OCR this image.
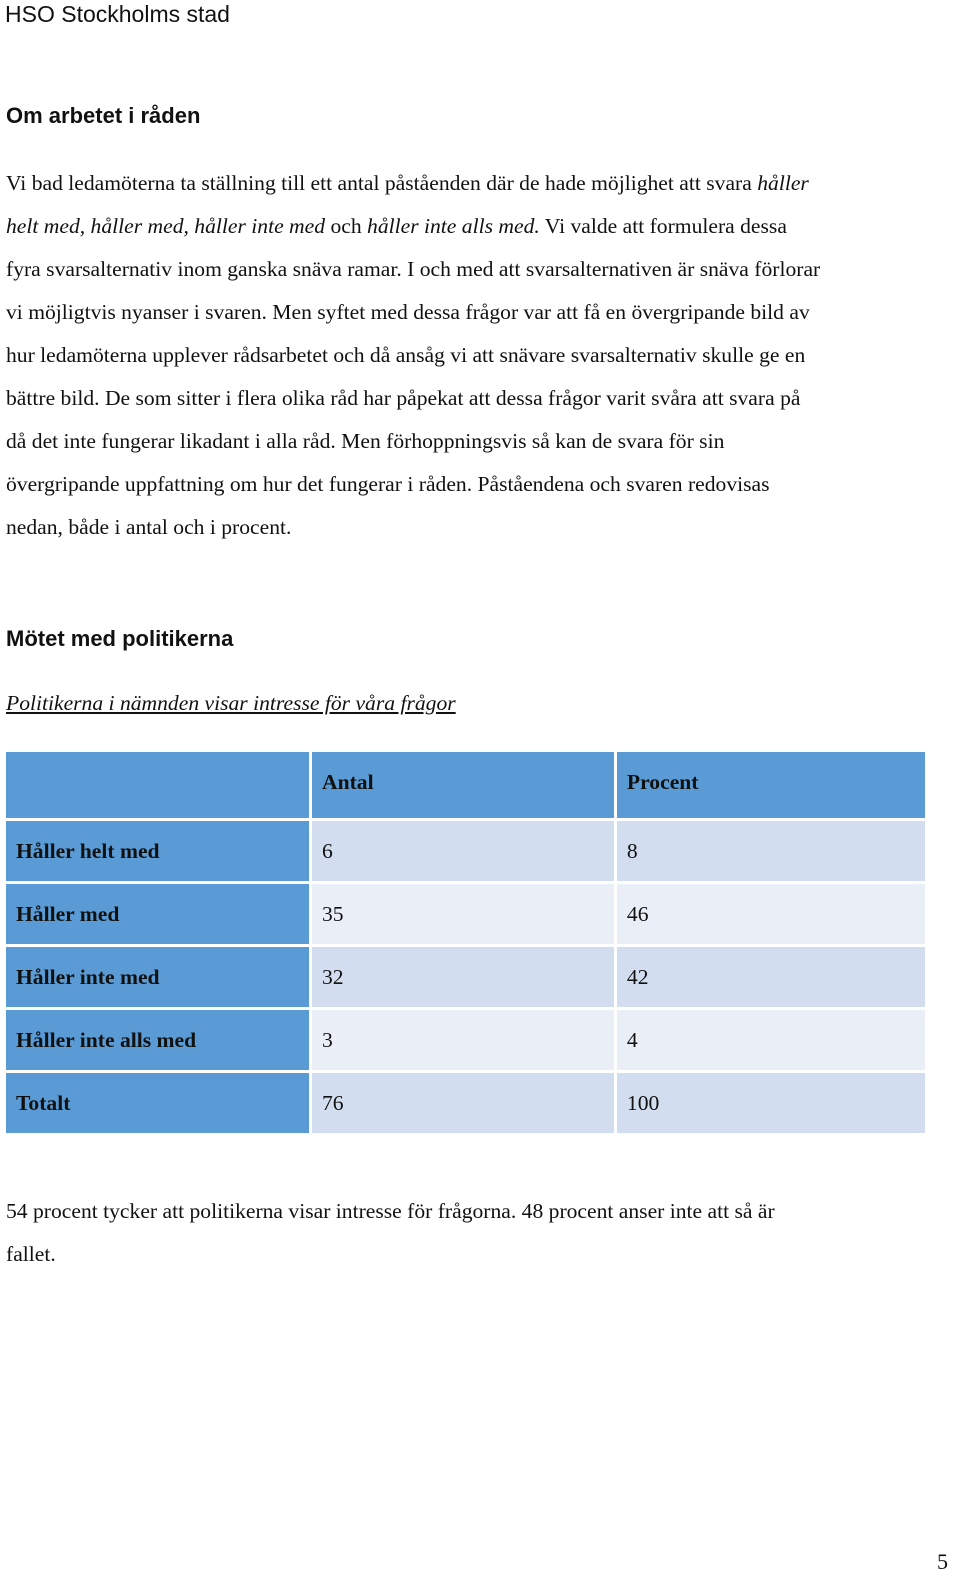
HSO Stockholms stad
Om arbetet i råden

Vi bad ledamöterna ta ställning till ett antal påståenden där de hade möjlighet att svara håller
helt med, håller med, håller inte med och håller inte alls med. Vi valde att formulera dessa
fyra svarsalternativ inom ganska snäva ramar. I och med att svarsalternativen är snäva förlorar
vi möjligtvis nyanser i svaren. Men syftet med dessa frågor var att få en övergripande bild av
hur ledamöterna upplever rådsarbetet och då ansåg vi att snävare svarsalternativ skulle ge en
bättre bild. De som sitter i flera olika råd har påpekat att dessa frågor varit svåra att svara på
då det inte fungerar likadant i alla råd. Men förhoppningsvis så kan de svara för sin
övergripande uppfattning om hur det fungerar i råden. Påståendena och svaren redovisas
nedan, både i antal och i procent.

Mötet med politikerna
Politikerna i nämnden visar intresse för våra frågor
	Antal	Procent
Håller helt med	6	8
Håller med	35	46
Håller inte med	32	42
Håller inte alls med	3	4
Totalt	76	100

54 procent tycker att politikerna visar intresse för frågorna. 48 procent anser inte att så är
fallet.

5
